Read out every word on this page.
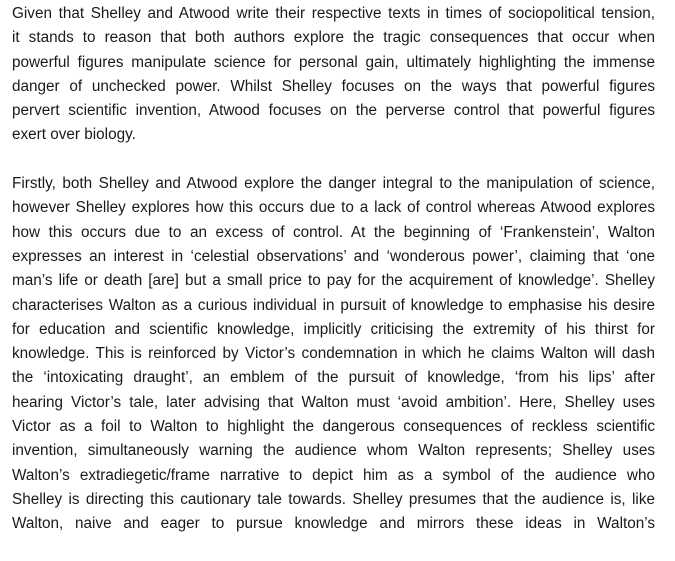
Given that Shelley and Atwood write their respective texts in times of sociopolitical tension,
it stands to reason that both authors explore the tragic consequences that occur when
powerful figures manipulate science for personal gain, ultimately highlighting the immense
danger of unchecked power. Whilst Shelley focuses on the ways that powerful figures
pervert scientific invention, Atwood focuses on the perverse control that powerful figures
exert over biology.
Firstly, both Shelley and Atwood explore the danger integral to the manipulation of science,
however Shelley explores how this occurs due to a lack of control whereas Atwood explores
how this occurs due to an excess of control. At the beginning of ‘Frankenstein’, Walton
expresses an interest in ‘celestial observations’ and ‘wonderous power’, claiming that ‘one
man’s life or death [are] but a small price to pay for the acquirement of knowledge’. Shelley
characterises Walton as a curious individual in pursuit of knowledge to emphasise his desire
for education and scientific knowledge, implicitly criticising the extremity of his thirst for
knowledge. This is reinforced by Victor’s condemnation in which he claims Walton will dash
the ‘intoxicating draught’, an emblem of the pursuit of knowledge, ‘from his lips’ after
hearing Victor’s tale, later advising that Walton must ‘avoid ambition’. Here, Shelley uses
Victor as a foil to Walton to highlight the dangerous consequences of reckless scientific
invention, simultaneously warning the audience whom Walton represents; Shelley uses
Walton’s extradiegetic/frame narrative to depict him as a symbol of the audience who
Shelley is directing this cautionary tale towards. Shelley presumes that the audience is, like
Walton, naive and eager to pursue knowledge and mirrors these ideas in Walton’s
